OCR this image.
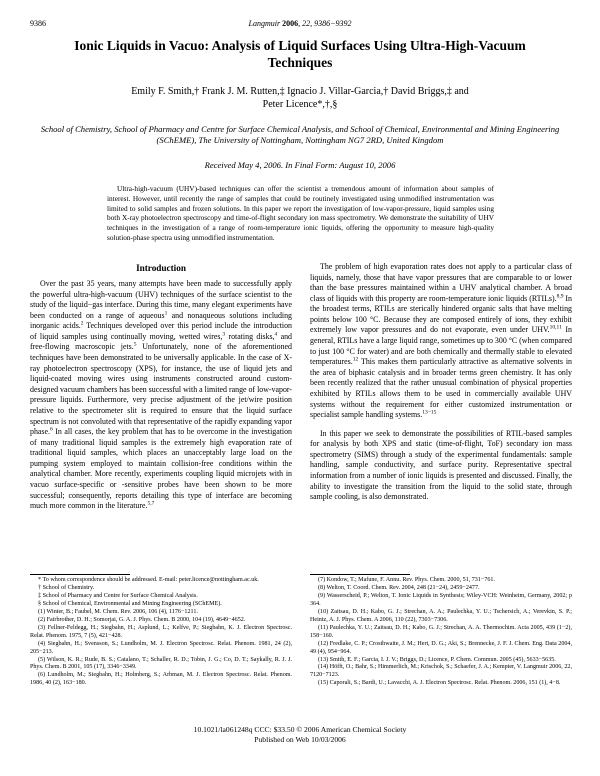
9386	Langmuir 2006, 22, 9386−9392
Ionic Liquids in Vacuo: Analysis of Liquid Surfaces Using Ultra-High-Vacuum Techniques
Emily F. Smith,† Frank J. M. Rutten,‡ Ignacio J. Villar-Garcia,† David Briggs,‡ and
Peter Licence*,†,§
School of Chemistry, School of Pharmacy and Centre for Surface Chemical Analysis, and School of Chemical, Environmental and Mining Engineering (SChEME), The University of Nottingham, Nottingham NG7 2RD, United Kingdom
Received May 4, 2006. In Final Form: August 10, 2006
Ultra-high-vacuum (UHV)-based techniques can offer the scientist a tremendous amount of information about samples of interest. However, until recently the range of samples that could be routinely investigated using unmodified instrumentation was limited to solid samples and frozen solutions. In this paper we report the investigation of low-vapor-pressure, liquid samples using both X-ray photoelectron spectroscopy and time-of-flight secondary ion mass spectrometry. We demonstrate the suitability of UHV techniques in the investigation of a range of room-temperature ionic liquids, offering the opportunity to measure high-quality solution-phase spectra using unmodified instrumentation.
Introduction

Over the past 35 years, many attempts have been made to successfully apply the powerful ultra-high-vacuum (UHV) techniques of the surface scientist to the study of the liquid−gas interface. During this time, many elegant experiments have been conducted on a range of aqueous$^1$ and nonaqueous solutions including inorganic acids.$^2$ Techniques developed over this period include the introduction of liquid samples using continually moving, wetted wires,$^3$ rotating disks,$^4$ and free-flowing macroscopic jets.$^5$ Unfortunately, none of the aforementioned techniques have been demonstrated to be universally applicable. In the case of X-ray photoelectron spectroscopy (XPS), for instance, the use of liquid jets and liquid-coated moving wires using instruments constructed around custom-designed vacuum chambers has been successful with a limited range of low-vapor-pressure liquids. Furthermore, very precise adjustment of the jet/wire position relative to the spectrometer slit is required to ensure that the liquid surface spectrum is not convoluted with that representative of the rapidly expanding vapor phase.$^6$ In all cases, the key problem that has to be overcome in the investigation of many traditional liquid samples is the extremely high evaporation rate of traditional liquid samples, which places an unacceptably large load on the pumping system employed to maintain collision-free conditions within the analytical chamber. More recently, experiments coupling liquid microjets with in vacuo surface-specific or -sensitive probes have been shown to be more successful; consequently, reports detailing this type of interface are becoming much more common in the literature.$^{5,7}$

The problem of high evaporation rates does not apply to a particular class of liquids, namely, those that have vapor pressures that are comparable to or lower than the base pressures maintained within a UHV analytical chamber. A broad class of liquids with this property are room-temperature ionic liquids (RTILs).$^{8,9}$ In the broadest terms, RTILs are sterically hindered organic salts that have melting points below 100 °C. Because they are composed entirely of ions, they exhibit extremely low vapor pressures and do not evaporate, even under UHV.$^{10,11}$ In general, RTILs have a large liquid range, sometimes up to 300 °C (when compared to just 100 °C for water) and are both chemically and thermally stable to elevated temperatures.$^{12}$ This makes them particularly attractive as alternative solvents in the area of biphasic catalysis and in broader terms green chemistry. It has only been recently realized that the rather unusual combination of physical properties exhibited by RTILs allows them to be used in commercially available UHV systems without the requirement for either customized instrumentation or specialist sample handling systems.$^{13-15}$

In this paper we seek to demonstrate the possibilities of RTIL-based samples for analysis by both XPS and static (time-of-flight, ToF) secondary ion mass spectrometry (SIMS) through a study of the experimental fundamentals: sample handling, sample conductivity, and surface purity. Representative spectral information from a number of ionic liquids is presented and discussed. Finally, the ability to investigate the transition from the liquid to the solid state, through sample cooling, is also demonstrated.

* To whom correspondence should be addressed. E-mail: peter.licence@nottingham.ac.uk.
† School of Chemistry.
‡ School of Pharmacy and Centre for Surface Chemical Analysis.
§ School of Chemical, Environmental and Mining Engineering (SChEME).
(1) Winter, B.; Faubel, M. Chem. Rev. 2006, 106 (4), 1176−1211.
(2) Fairbrother, D. H.; Somorjai, G. A. J. Phys. Chem. B 2000, 104 (19), 4649−4652.
(3) Fellner-Feldegg, H.; Siegbahn, H.; Asplund, L.; Kelfve, P.; Siegbahn, K. J. Electron Spectrosc. Relat. Phenom. 1975, 7 (5), 421−428.
(4) Siegbahn, H.; Svensson, S.; Lundholm, M. J. Electron Spectrosc. Relat. Phenom. 1981, 24 (2), 205−213.
(5) Wilson, K. R.; Rude, B. S.; Catalano, T.; Schaller, R. D.; Tobin, J. G.; Co, D. T.; Saykally, R. J. J. Phys. Chem. B 2001, 105 (17), 3346−3349.
(6) Lundholm, M.; Siegbahn, H.; Holmberg, S.; Arbman, M. J. Electron Spectrosc. Relat. Phenom. 1986, 40 (2), 163−180.
(7) Kondow, T.; Mafune, F. Annu. Rev. Phys. Chem. 2000, 51, 731−761.
(8) Welton, T. Coord. Chem. Rev. 2004, 248 (21−24), 2459−2477.
(9) Wasserscheid, P.; Welton, T. Ionic Liquids in Synthesis; Wiley-VCH: Weinheim, Germany, 2002; p 364.
(10) Zaitsau, D. H.; Kabo, G. J.; Strechan, A. A.; Paulechka, Y. U.; Tschersich, A.; Verevkin, S. P.; Heintz, A. J. Phys. Chem. A 2006, 110 (22), 7303−7306.
(11) Paulechka, Y. U.; Zaitsau, D. H.; Kabo, G. J.; Strechan, A. A. Thermochim. Acta 2005, 439 (1−2), 158−160.
(12) Fredlake, C. P.; Crosthwaite, J. M.; Hert, D. G.; Aki, S.; Brennecke, J. F. J. Chem. Eng. Data 2004, 49 (4), 954−964.
(13) Smith, E. F.; Garcia, I. J. V.; Briggs, D.; Licence, P. Chem. Commun. 2005 (45), 5633−5635.
(14) Höfft, O.; Bahr, S.; Himmerlich, M.; Krischok, S.; Schaefer, J. A.; Kempter, V. Langmuir 2006, 22, 7120−7123.
(15) Caporali, S.; Bardi, U.; Lavacchi, A. J. Electron Spectrosc. Relat. Phenom. 2006, 151 (1), 4−8.
10.1021/la061248q CCC: $33.50 © 2006 American Chemical Society
Published on Web 10/03/2006
